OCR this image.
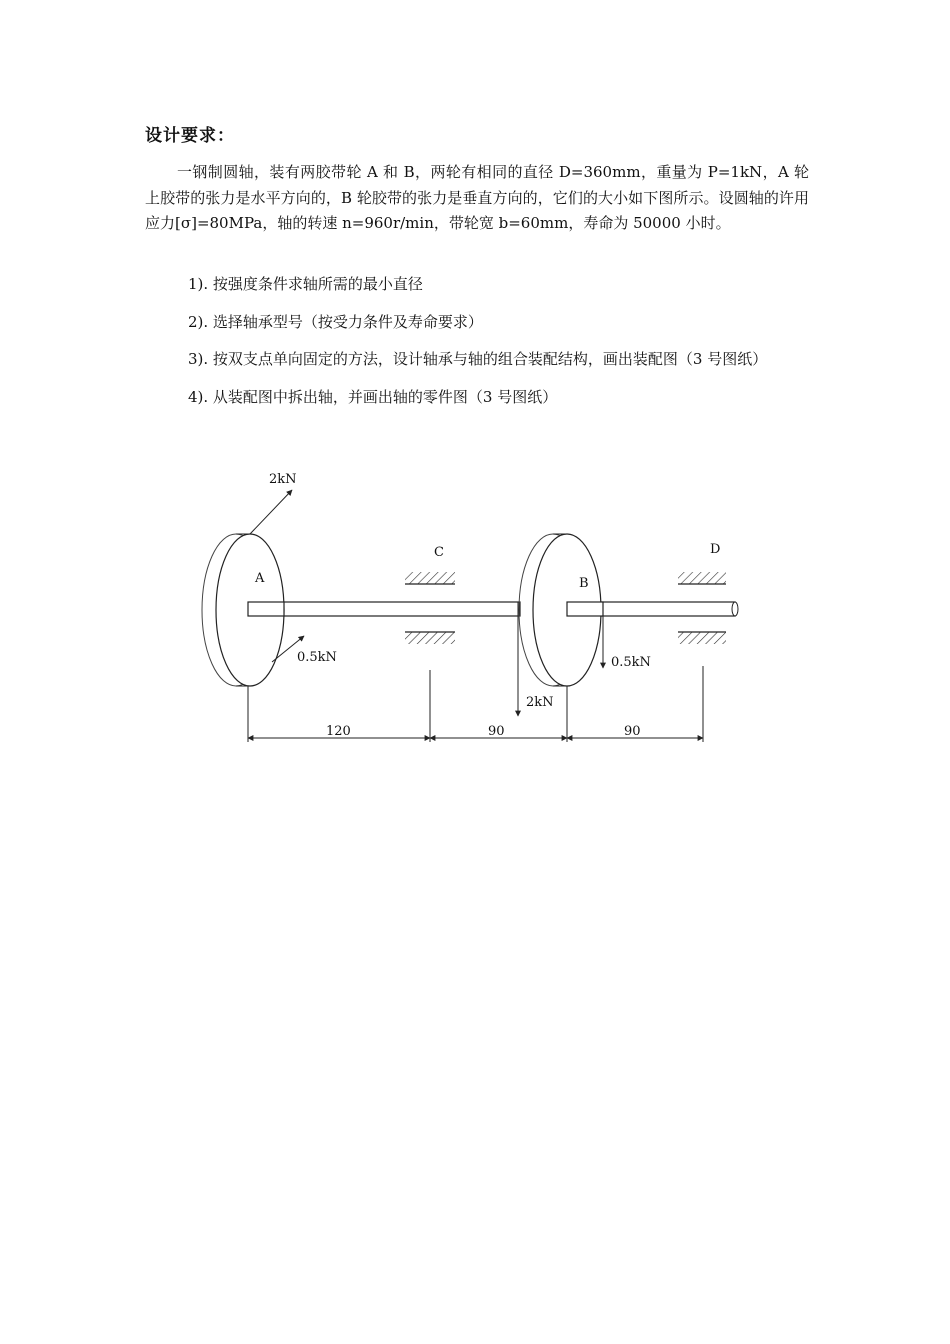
设计要求：
一钢制圆轴，装有两胶带轮 A 和 B，两轮有相同的直径 D=360mm，重量为 P=1kN，A 轮上胶带的张力是水平方向的，B 轮胶带的张力是垂直方向的，它们的大小如下图所示。设圆轴的许用应力[σ]=80MPa，轴的转速 n=960r/min，带轮宽 b=60mm，寿命为 50000 小时。
1). 按强度条件求轴所需的最小直径
2). 选择轴承型号（按受力条件及寿命要求）
3). 按双支点单向固定的方法，设计轴承与轴的组合装配结构，画出装配图（3 号图纸）
4). 从装配图中拆出轴，并画出轴的零件图（3 号图纸）
2kN
A
0.5kN
C
B
D
0.5kN
2kN
120	90	90
